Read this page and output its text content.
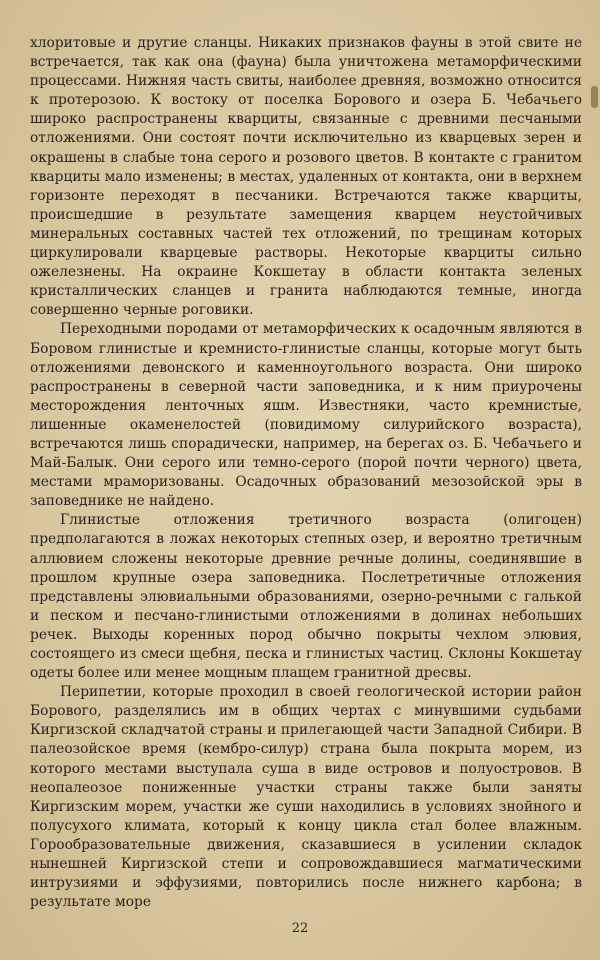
хлоритовые и другие сланцы. Никаких признаков фауны в этой свите не встречается, так как она (фауна) была уничтожена метаморфическими процессами. Нижняя часть свиты, наиболее древняя, возможно относится к протерозою. К востоку от поселка Борового и озера Б. Чебачьего широко распространены кварциты, связанные с древними песчаными отложениями. Они состоят почти исключительно из кварцевых зерен и окрашены в слабые тона серого и розового цветов. В контакте с гранитом кварциты мало изменены; в местах, удаленных от контакта, они в верхнем горизонте переходят в песчаники. Встречаются также кварциты, происшедшие в результате замещения кварцем неустойчивых минеральных составных частей тех отложений, по трещинам которых циркулировали кварцевые растворы. Некоторые кварциты сильно ожелезнены. На окраине Кокшетау в области контакта зеленых кристаллических сланцев и гранита наблюдаются темные, иногда совершенно черные роговики.

Переходными породами от метаморфических к осадочным являются в Боровом глинистые и кремнисто-глинистые сланцы, которые могут быть отложениями девонского и каменноугольного возраста. Они широко распространены в северной части заповедника, и к ним приурочены месторождения ленточных яшм. Известняки, часто кремнистые, лишенные окаменелостей (повидимому силурийского возраста), встречаются лишь спорадически, например, на берегах оз. Б. Чебачьего и Май-Балык. Они серого или темно-серого (порой почти черного) цвета, местами мраморизованы. Осадочных образований мезозойской эры в заповеднике не найдено.

Глинистые отложения третичного возраста (олигоцен) предполагаются в ложах некоторых степных озер, и вероятно третичным аллювием сложены некоторые древние речные долины, соединявшие в прошлом крупные озера заповедника. Послетретичные отложения представлены элювиальными образованиями, озерно-речными с галькой и песком и песчано-глинистыми отложениями в долинах небольших речек. Выходы коренных пород обычно покрыты чехлом элювия, состоящего из смеси щебня, песка и глинистых частиц. Склоны Кокшетау одеты более или менее мощным плащем гранитной дресвы.

Перипетии, которые проходил в своей геологической истории район Борового, разделялись им в общих чертах с минувшими судьбами Киргизской складчатой страны и прилегающей части Западной Сибири. В палеозойское время (кембро-силур) страна была покрыта морем, из которого местами выступала суша в виде островов и полуостровов. В неопалеозое пониженные участки страны также были заняты Киргизским морем, участки же суши находились в условиях знойного и полусухого климата, который к концу цикла стал более влажным. Горообразовательные движения, сказавшиеся в усилении складок нынешней Киргизской степи и сопровождавшиеся магматическими интрузиями и эффузиями, повторились после нижнего карбона; в результате море

22
